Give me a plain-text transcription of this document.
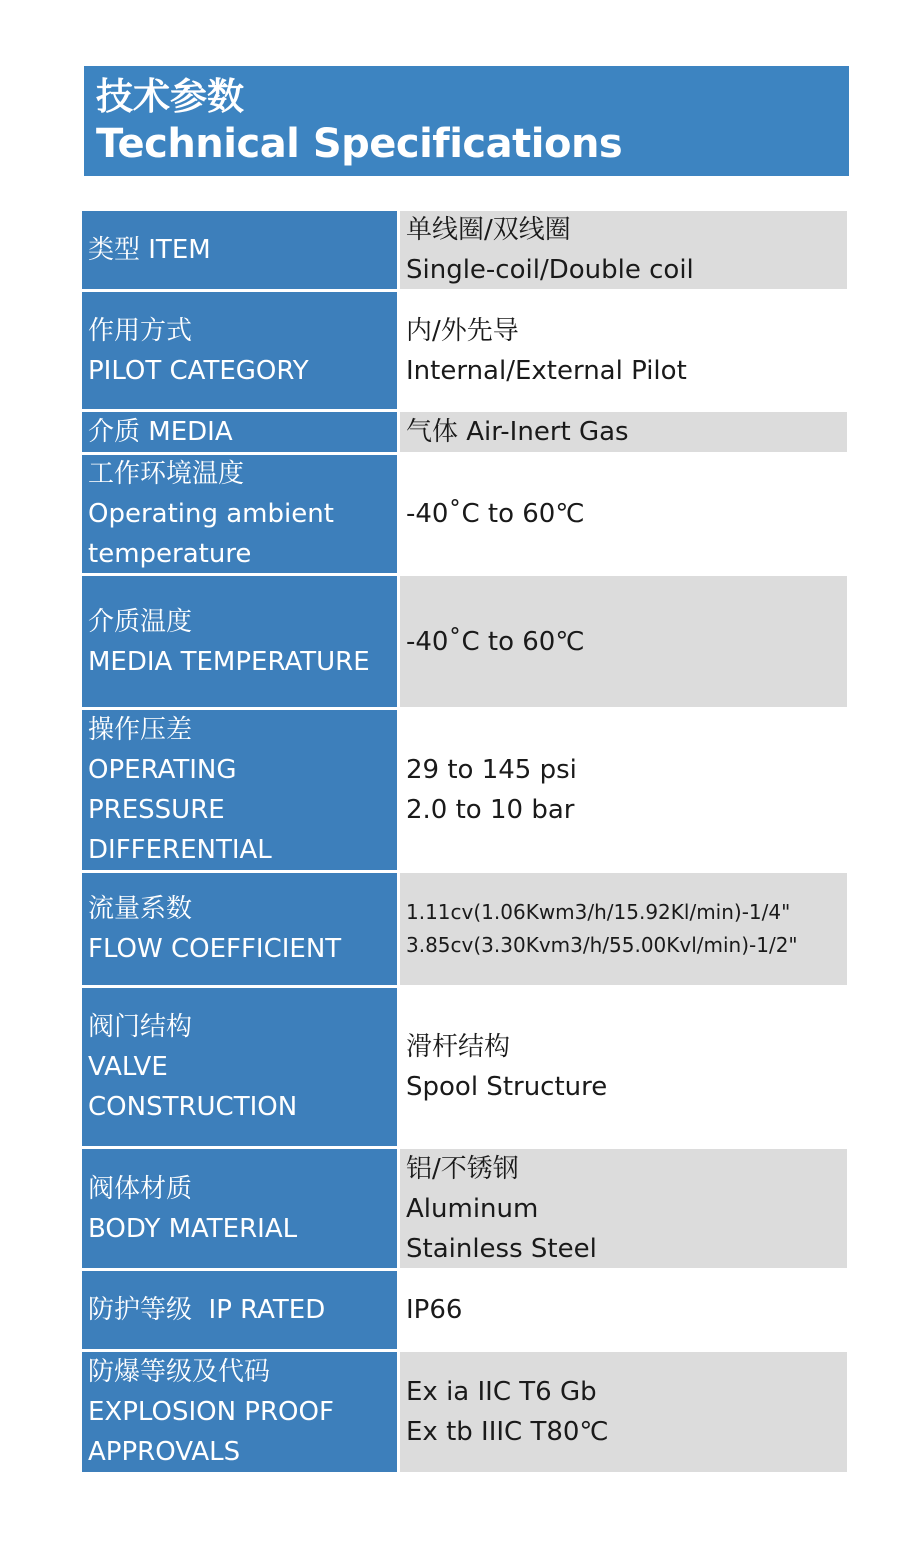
技术参数
Technical Specifications
类型 ITEM
单线圈/双线圈
Single-coil/Double coil
作用方式
PILOT CATEGORY
内/外先导
Internal/External Pilot
介质 MEDIA	气体 Air-Inert Gas
工作环境温度
Operating ambient
temperature
-40˚C to 60℃
介质温度
MEDIA TEMPERATURE
-40˚C to 60℃
操作压差
OPERATING
PRESSURE
DIFFERENTIAL
29 to 145 psi
2.0 to 10 bar
流量系数
FLOW COEFFICIENT
1.11cv(1.06Kwm3/h/15.92Kl/min)-1/4"
3.85cv(3.30Kvm3/h/55.00Kvl/min)-1/2"
阀门结构
VALVE
CONSTRUCTION
滑杆结构
Spool Structure
阀体材质
BODY MATERIAL
铝/不锈钢
Aluminum
Stainless Steel
防护等级  IP RATED	IP66
防爆等级及代码
EXPLOSION PROOF
APPROVALS
Ex ia IIC T6 Gb
Ex tb IIIC T80℃
